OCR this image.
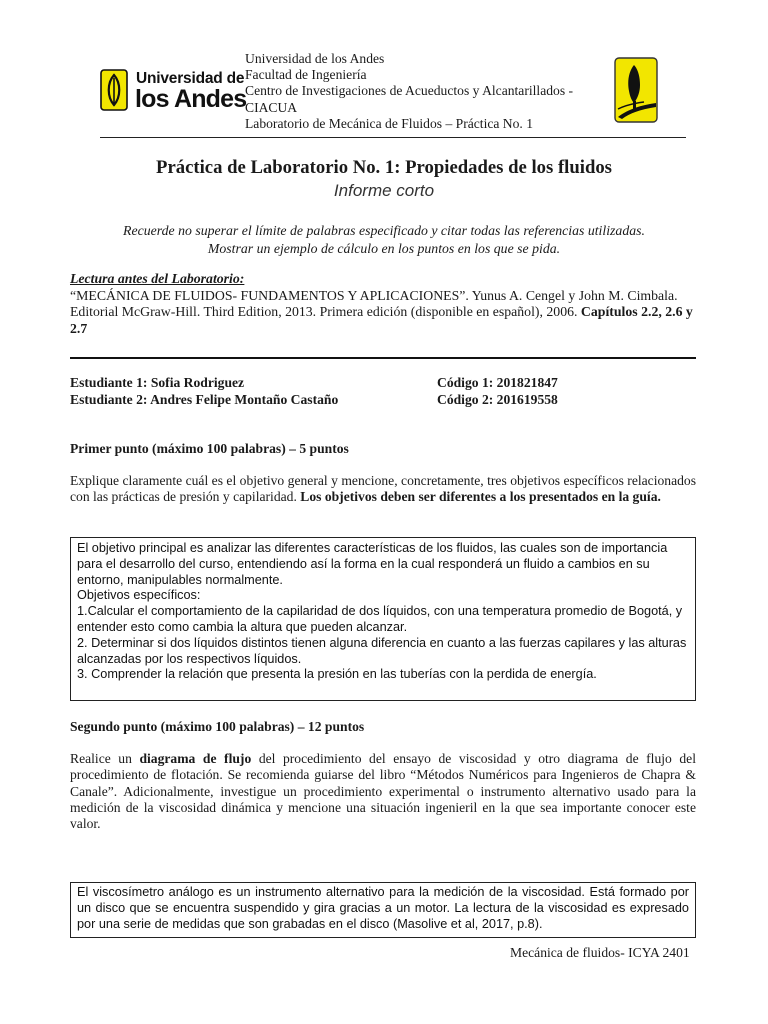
Universidad de
los Andes
Universidad de los Andes
Facultad de Ingeniería
Centro de Investigaciones de Acueductos y Alcantarillados -
CIACUA
Laboratorio de Mecánica de Fluidos – Práctica No. 1
Práctica de Laboratorio No. 1: Propiedades de los fluidos
Informe corto
Recuerde no superar el límite de palabras especificado y citar todas las referencias utilizadas.
Mostrar un ejemplo de cálculo en los puntos en los que se pida.
Lectura antes del Laboratorio:
“MECÁNICA DE FLUIDOS- FUNDAMENTOS Y APLICACIONES”. Yunus A. Cengel y John M. Cimbala. Editorial McGraw-Hill. Third Edition, 2013. Primera edición (disponible en español), 2006. Capítulos 2.2, 2.6 y 2.7
Estudiante 1: Sofia Rodriguez	Código 1: 201821847
Estudiante 2: Andres Felipe Montaño Castaño	Código 2: 201619558
Primer punto (máximo 100 palabras) – 5 puntos
Explique claramente cuál es el objetivo general y mencione, concretamente, tres objetivos específicos relacionados con las prácticas de presión y capilaridad. Los objetivos deben ser diferentes a los presentados en la guía.
El objetivo principal es analizar las diferentes características de los fluidos, las cuales son de importancia para el desarrollo del curso, entendiendo así la forma en la cual responderá un fluido a cambios en su entorno, manipulables normalmente.
Objetivos específicos:
1.Calcular el comportamiento de la capilaridad de dos líquidos, con una temperatura promedio de Bogotá, y entender esto como cambia la altura que pueden alcanzar.
2. Determinar si dos líquidos distintos tienen alguna diferencia en cuanto a las fuerzas capilares y las alturas alcanzadas por los respectivos líquidos.
3. Comprender la relación que presenta la presión en las tuberías con la perdida de energía.
Segundo punto (máximo 100 palabras) – 12 puntos
Realice un diagrama de flujo del procedimiento del ensayo de viscosidad y otro diagrama de flujo del procedimiento de flotación. Se recomienda guiarse del libro “Métodos Numéricos para Ingenieros de Chapra & Canale”. Adicionalmente, investigue un procedimiento experimental o instrumento alternativo usado para la medición de la viscosidad dinámica y mencione una situación ingenieril en la que sea importante conocer este valor.
El viscosímetro análogo es un instrumento alternativo para la medición de la viscosidad. Está formado por un disco que se encuentra suspendido y gira gracias a un motor. La lectura de la viscosidad es expresado por una serie de medidas que son grabadas en el disco (Masolive et al, 2017, p.8).
Mecánica de fluidos- ICYA 2401
